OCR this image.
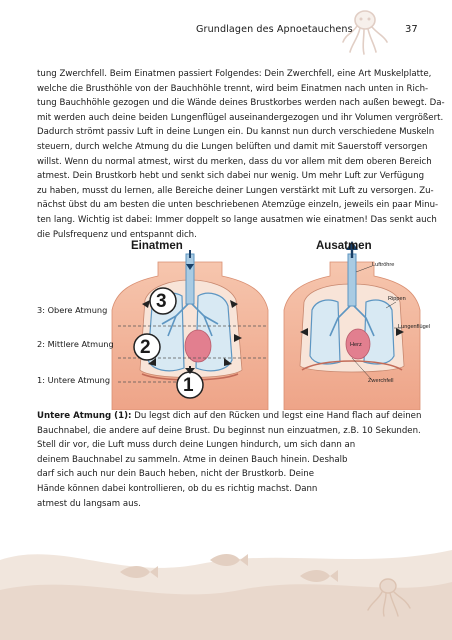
Grundlagen des Apnoetauchens	37
tung Zwerchfell. Beim Einatmen passiert Folgendes: Dein Zwerchfell, eine Art Muskelplatte,
welche die Brusthöhle von der Bauchhöhle trennt, wird beim Einatmen nach unten in Rich-
tung Bauchhöhle gezogen und die Wände deines Brustkorbes werden nach außen bewegt. Da-
mit werden auch deine beiden Lungenflügel auseinandergezogen und ihr Volumen vergrößert.
Dadurch strömt passiv Luft in deine Lungen ein. Du kannst nun durch verschiedene Muskeln
steuern, durch welche Atmung du die Lungen belüften und damit mit Sauerstoff versorgen
willst. Wenn du normal atmest, wirst du merken, dass du vor allem mit dem oberen Bereich
atmest. Dein Brustkorb hebt und senkt sich dabei nur wenig. Um mehr Luft zur Verfügung
zu haben, musst du lernen, alle Bereiche deiner Lungen verstärkt mit Luft zu versorgen. Zu-
nächst übst du am besten die unten beschriebenen Atemzüge einzeln, jeweils ein paar Minu-
ten lang. Wichtig ist dabei: Immer doppelt so lange ausatmen wie einatmen! Das senkt auch
die Pulsfrequenz und entspannt dich.
Einatmen	Ausatmen
3: Obere Atmung
2: Mittlere Atmung
1: Untere Atmung
3
2
1
Luftröhre
Rippen
Lungenflügel
Herz
Zwerchfell
Untere Atmung (1): Du legst dich auf den Rücken und legst eine Hand flach auf deinen
Bauchnabel, die andere auf deine Brust. Du beginnst nun einzuatmen, z.B. 10 Sekunden.
Stell dir vor, die Luft muss durch deine Lungen hindurch, um sich dann an
deinem Bauchnabel zu sammeln. Atme in deinen Bauch hinein. Deshalb
darf sich auch nur dein Bauch heben, nicht der Brustkorb. Deine
Hände können dabei kontrollieren, ob du es richtig machst. Dann
atmest du langsam aus.
